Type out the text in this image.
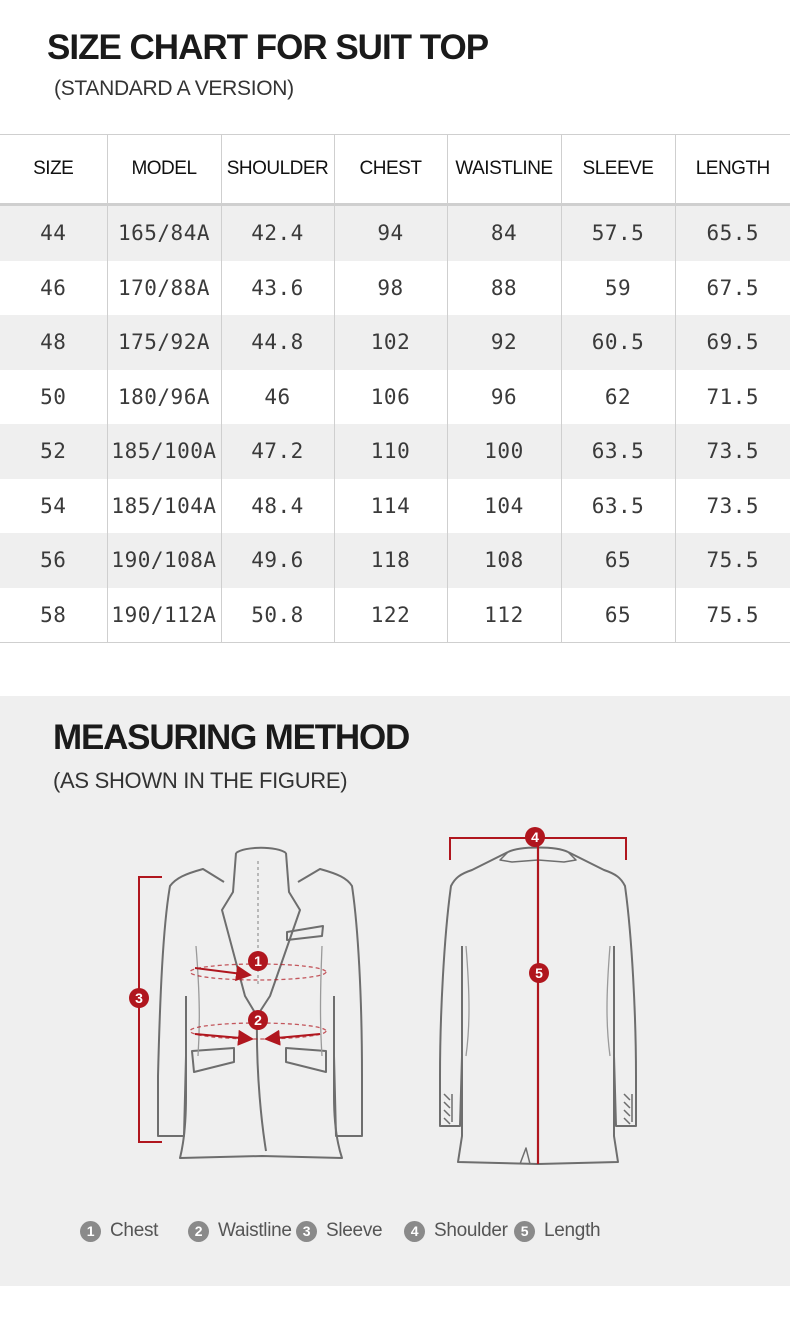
SIZE CHART FOR SUIT TOP
(STANDARD A VERSION)
SIZE	MODEL	SHOULDER	CHEST	WAISTLINE	SLEEVE	LENGTH
44	165/84A	42.4	94	84	57.5	65.5
46	170/88A	43.6	98	88	59	67.5
48	175/92A	44.8	102	92	60.5	69.5
50	180/96A	46	106	96	62	71.5
52	185/100A	47.2	110	100	63.5	73.5
54	185/104A	48.4	114	104	63.5	73.5
56	190/108A	49.6	118	108	65	75.5
58	190/112A	50.8	122	112	65	75.5
MEASURING METHOD
(AS SHOWN IN THE FIGURE)
1
2
3
4
5
1 Chest	2 Waistline 3 Sleeve	4 Shoulder 5 Length
